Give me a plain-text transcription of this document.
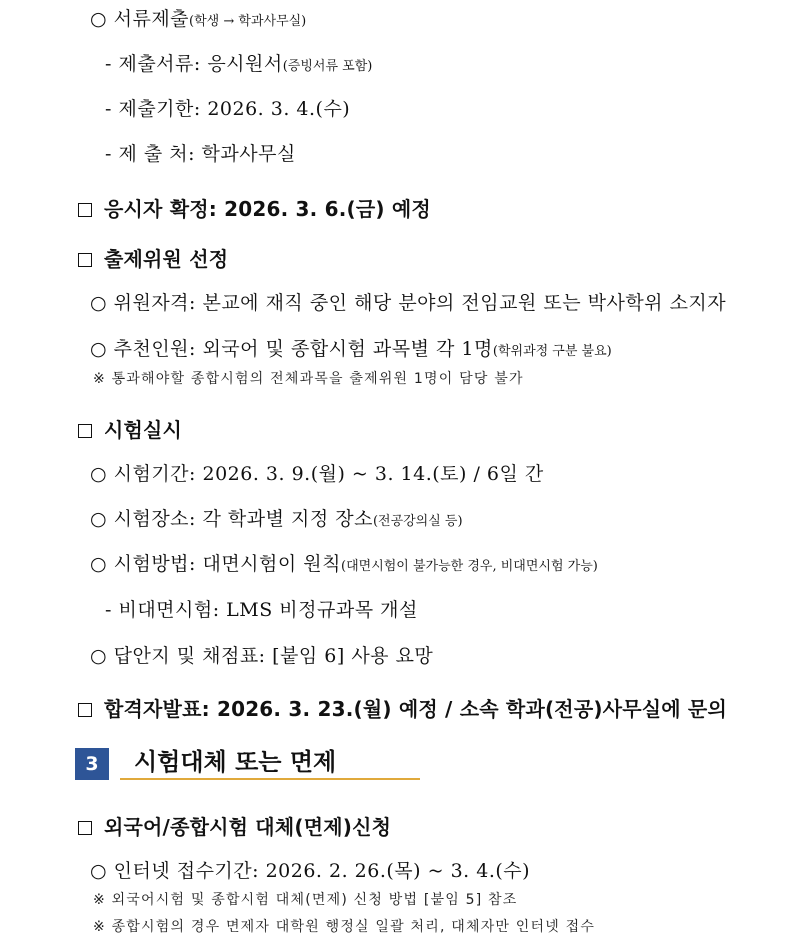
○ 서류제출(학생 → 학과사무실)
- 제출서류: 응시원서(증빙서류 포함)
- 제출기한: 2026. 3. 4.(수)
- 제 출 처: 학과사무실
응시자 확정: 2026. 3. 6.(금) 예정
출제위원 선정
○ 위원자격: 본교에 재직 중인 해당 분야의 전임교원 또는 박사학위 소지자
○ 추천인원: 외국어 및 종합시험 과목별 각 1명(학위과정 구분 불요)
※ 통과해야할 종합시험의 전체과목을 출제위원 1명이 담당 불가
시험실시
○ 시험기간: 2026. 3. 9.(월) ~ 3. 14.(토) / 6일 간
○ 시험장소: 각 학과별 지정 장소(전공강의실 등)
○ 시험방법: 대면시험이 원칙(대면시험이 불가능한 경우, 비대면시험 가능)
- 비대면시험: LMS 비정규과목 개설
○ 답안지 및 채점표: [붙임 6] 사용 요망
합격자발표: 2026. 3. 23.(월) 예정 / 소속 학과(전공)사무실에 문의
3	시험대체 또는 면제
외국어/종합시험 대체(면제)신청
○ 인터넷 접수기간: 2026. 2. 26.(목) ~ 3. 4.(수)
※ 외국어시험 및 종합시험 대체(면제) 신청 방법 [붙임 5] 참조
※ 종합시험의 경우 면제자 대학원 행정실 일괄 처리, 대체자만 인터넷 접수
